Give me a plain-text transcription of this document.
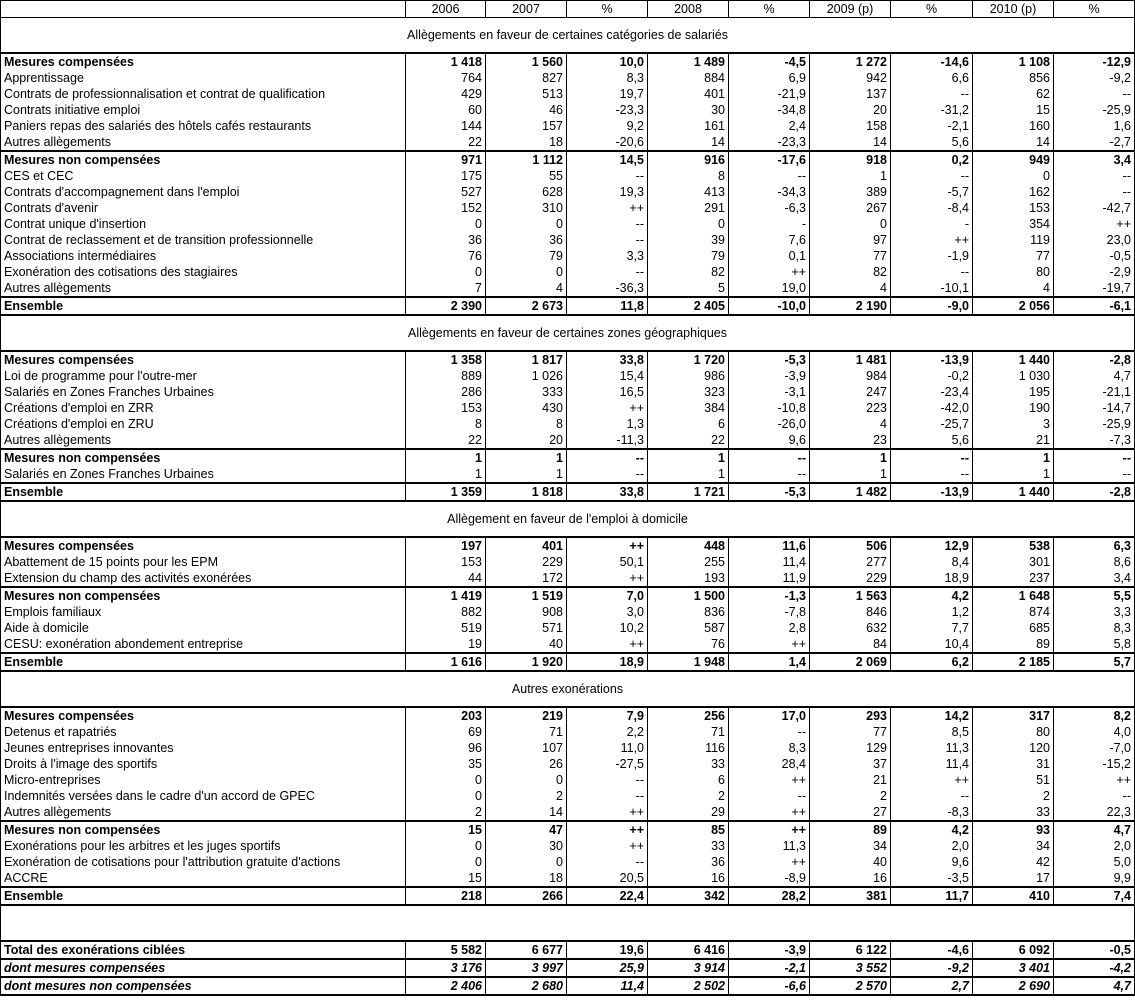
	2006	2007	%	2008	%	2009 (p)	%	2010 (p)	%
Allègements en faveur de certaines catégories de salariés									
Mesures compensées	1 418	1 560	10,0	1 489	-4,5	1 272	-14,6	1 108	-12,9
Apprentissage	764	827	8,3	884	6,9	942	6,6	856	-9,2
Contrats de professionnalisation et contrat de qualification	429	513	19,7	401	-21,9	137	--	62	--
Contrats initiative emploi	60	46	-23,3	30	-34,8	20	-31,2	15	-25,9
Paniers repas des salariés des hôtels cafés restaurants	144	157	9,2	161	2,4	158	-2,1	160	1,6
Autres allègements	22	18	-20,6	14	-23,3	14	5,6	14	-2,7
Mesures non compensées	971	1 112	14,5	916	-17,6	918	0,2	949	3,4
CES et CEC	175	55	--	8	--	1	--	0	--
Contrats d'accompagnement dans l'emploi	527	628	19,3	413	-34,3	389	-5,7	162	--
Contrats d'avenir	152	310	++	291	-6,3	267	-8,4	153	-42,7
Contrat unique d'insertion	0	0	--	0	-	0	-	354	++
Contrat de reclassement et de transition professionnelle	36	36	--	39	7,6	97	++	119	23,0
Associations intermédiaires	76	79	3,3	79	0,1	77	-1,9	77	-0,5
Exonération des cotisations des stagiaires	0	0	--	82	++	82	--	80	-2,9
Autres allègements	7	4	-36,3	5	19,0	4	-10,1	4	-19,7
Ensemble	2 390	2 673	11,8	2 405	-10,0	2 190	-9,0	2 056	-6,1
Allègements en faveur de certaines zones géographiques									
Mesures compensées	1 358	1 817	33,8	1 720	-5,3	1 481	-13,9	1 440	-2,8
Loi de programme pour l'outre-mer	889	1 026	15,4	986	-3,9	984	-0,2	1 030	4,7
Salariés en Zones Franches Urbaines	286	333	16,5	323	-3,1	247	-23,4	195	-21,1
Créations d'emploi en ZRR	153	430	++	384	-10,8	223	-42,0	190	-14,7
Créations d'emploi en ZRU	8	8	1,3	6	-26,0	4	-25,7	3	-25,9
Autres allègements	22	20	-11,3	22	9,6	23	5,6	21	-7,3
Mesures non compensées	1	1	--	1	--	1	--	1	--
Salariés en Zones Franches Urbaines	1	1	--	1	--	1	--	1	--
Ensemble	1 359	1 818	33,8	1 721	-5,3	1 482	-13,9	1 440	-2,8
Allègement en faveur de l'emploi à domicile									
Mesures compensées	197	401	++	448	11,6	506	12,9	538	6,3
Abattement de 15 points pour les EPM	153	229	50,1	255	11,4	277	8,4	301	8,6
Extension du champ des activités exonérées	44	172	++	193	11,9	229	18,9	237	3,4
Mesures non compensées	1 419	1 519	7,0	1 500	-1,3	1 563	4,2	1 648	5,5
Emplois familiaux	882	908	3,0	836	-7,8	846	1,2	874	3,3
Aide à domicile	519	571	10,2	587	2,8	632	7,7	685	8,3
CESU: exonération abondement entreprise	19	40	++	76	++	84	10,4	89	5,8
Ensemble	1 616	1 920	18,9	1 948	1,4	2 069	6,2	2 185	5,7
Autres exonérations									
Mesures compensées	203	219	7,9	256	17,0	293	14,2	317	8,2
Detenus et rapatriés	69	71	2,2	71	--	77	8,5	80	4,0
Jeunes entreprises innovantes	96	107	11,0	116	8,3	129	11,3	120	-7,0
Droits à l'image des sportifs	35	26	-27,5	33	28,4	37	11,4	31	-15,2
Micro-entreprises	0	0	--	6	++	21	++	51	++
Indemnités versées dans le cadre d'un accord de GPEC	0	2	--	2	--	2	--	2	--
Autres allègements	2	14	++	29	++	27	-8,3	33	22,3
Mesures non compensées	15	47	++	85	++	89	4,2	93	4,7
Exonérations pour les arbitres et les juges sportifs	0	30	++	33	11,3	34	2,0	34	2,0
Exonération de cotisations pour l'attribution gratuite d'actions	0	0	--	36	++	40	9,6	42	5,0
ACCRE	15	18	20,5	16	-8,9	16	-3,5	17	9,9
Ensemble	218	266	22,4	342	28,2	381	11,7	410	7,4

Total des exonérations ciblées	5 582	6 677	19,6	6 416	-3,9	6 122	-4,6	6 092	-0,5
dont mesures compensées	3 176	3 997	25,9	3 914	-2,1	3 552	-9,2	3 401	-4,2
dont mesures non compensées	2 406	2 680	11,4	2 502	-6,6	2 570	2,7	2 690	4,7
